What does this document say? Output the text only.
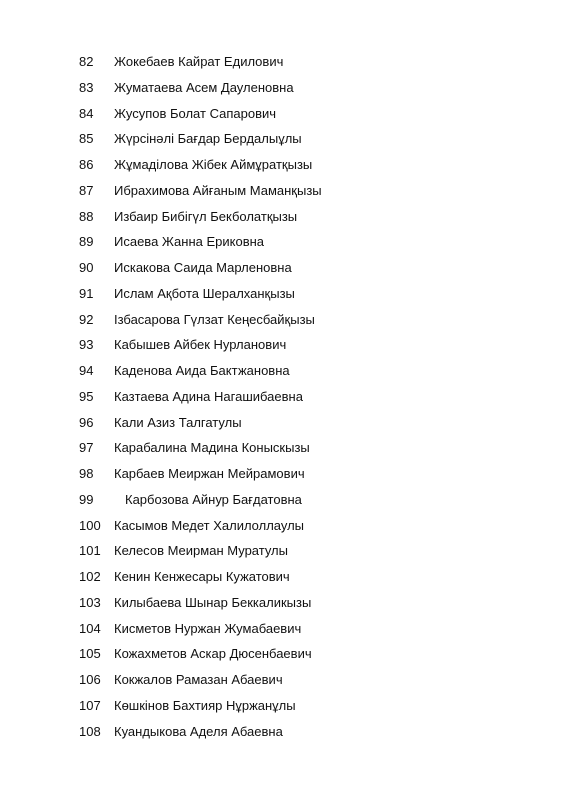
82 Жокебаев Кайрат Едилович
83 Жуматаева Асем Дауленовна
84 Жусупов Болат Сапарович
85 Жүрсінәлі Бағдар Бердалыұлы
86 Жұмаділова Жібек Аймұратқызы
87 Ибрахимова Айғаным Маманқызы
88 Избаир Бибігүл Бекболатқызы
89 Исаева Жанна Ериковна
90 Искакова Саида Марленовна
91 Ислам Ақбота Шералханқызы
92 Ізбасарова Гүлзат Кеңесбайқызы
93 Кабышев Айбек Нурланович
94 Каденова Аида Бактжановна
95 Казтаева Адина Нагашибаевна
96 Кали Азиз Талгатулы
97 Карабалина Мадина Коныскызы
98 Карбаев Меиржан Мейрамович
99 Карбозова Айнур Бағдатовна
100 Касымов Медет Халилоллаулы
101 Келесов Меирман Муратулы
102 Кенин Кенжесары Кужатович
103 Килыбаева Шынар Беккаликызы
104 Кисметов Нуржан Жумабаевич
105 Кожахметов Аскар Дюсенбаевич
106 Кокжалов Рамазан Абаевич
107 Көшкінов Бахтияр Нұржанұлы
108 Куандыкова Аделя Абаевна
